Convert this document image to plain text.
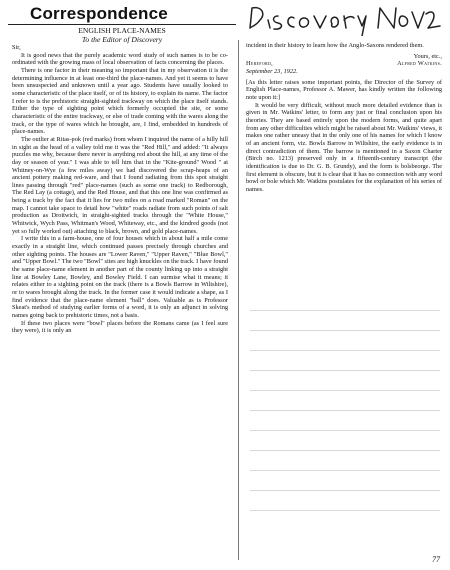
Correspondence
ENGLISH PLACE-NAMES
To the Editor of Discovery

Sir,

It is good news that the purely academic word study of such names is to be co-ordinated with the growing mass of local observation of facts concerning the places.

There is one factor in their meaning so important that in my observation it is the determining influence in at least one-third the place-names. And yet it seems to have been unsuspected and unknown until a year ago. Students have usually looked to some characteristic of the place itself, or of its history, to explain its name. The factor I refer to is the prehistoric straight-sighted trackway on which the place itself stands. Either the type of sighting point which formerly occupied the site, or some characteristic of the entire trackway, or else of trade coming with the wares along the track, or the type of wares which he brought, are, I find, embedded in hundreds of place-names.

The outlier at Ritas-pok (red marks) from whom I inquired the name of a hilly hill in sight as the head of a valley told me it was the "Red Hill," and added: "It always puzzles me why, because there never is anything red about the hill, at any time of the day or season of year." I was able to tell him that in the "Kite-ground" Wood " at Whitney-on-Wye (a few miles away) we had discovered the scrap-heaps of an ancient pottery making red-ware, and that I found radiating from this spot straight lines passing through "red" place-names (such as some one track) to Redborough, The Red Lay (a cottage), and the Red House, and that this one line was confirmed as being a track by the fact that it lies for two miles on a road marked "Roman" on the map. I cannot take space to detail how "white" roads radiate from such points of salt production as Droitwich, in straight-sighted tracks through the "White House," Whitwick, Wych Pass, Whitman's Wood, Whiteway, etc., and the kindred goods (not yet so fully worked out) attaching to black, brown, and gold place-names.

I write this in a farm-house, one of four houses which in about half a mile come exactly in a straight line, which continued passes precisely through churches and other sighting points. The houses are "Lower Raven," "Upper Raven," "Blue Bowl," and "Upper Bowl." The two "Bowl" sites are high knuckles on the track. I have found the same place-name element in another part of the county linking up into a straight line at Bowley Lane, Bowley, and Bowley Field. I can surmise what it means; it relates either to a sighting point on the track (there is a Bowls Barrow in Wiltshire), or to wares brought along the track. In the former case it would indicate a shape, as I find evidence that the place-name element "ball" does. Valuable as is Professor Skeat's method of studying earlier forms of a word, it is only an adjunct in solving names going back to prehistoric times, not a basis.

If these two places were "bowl" places before the Romans came (as I feel sure they were), it is only an

incident in their history to learn how the Anglo-Saxons rendered them.

Yours, etc.,
Hereford,	Alfred Watkins.
September 23, 1922.

[As this letter raises some important points, the Director of the Survey of English Place-names, Professor A. Mawer, has kindly written the following note upon it:]

It would be very difficult, without much more detailed evidence than is given in Mr. Watkins' letter, to form any just or final conclusion upon his theories. They are based entirely upon the modern forms, and quite apart from any other difficulties which might be raised about Mr. Watkins' views, it makes one rather uneasy that in the only one of his names for which I know of an ancient form, viz. Bowls Barrow in Wiltshire, the early evidence is in direct contradiction of them. The barrow is mentioned in a Saxon Charter (Birch no. 1213) preserved only in a fifteenth-century transcript (the identification is due to Dr. G. B. Grundy), and the form is bolsbeorge. The first element is obscure, but it is clear that it has no connection with any word bowl or bole which Mr. Watkins postulates for the explanation of his series of names.

77
